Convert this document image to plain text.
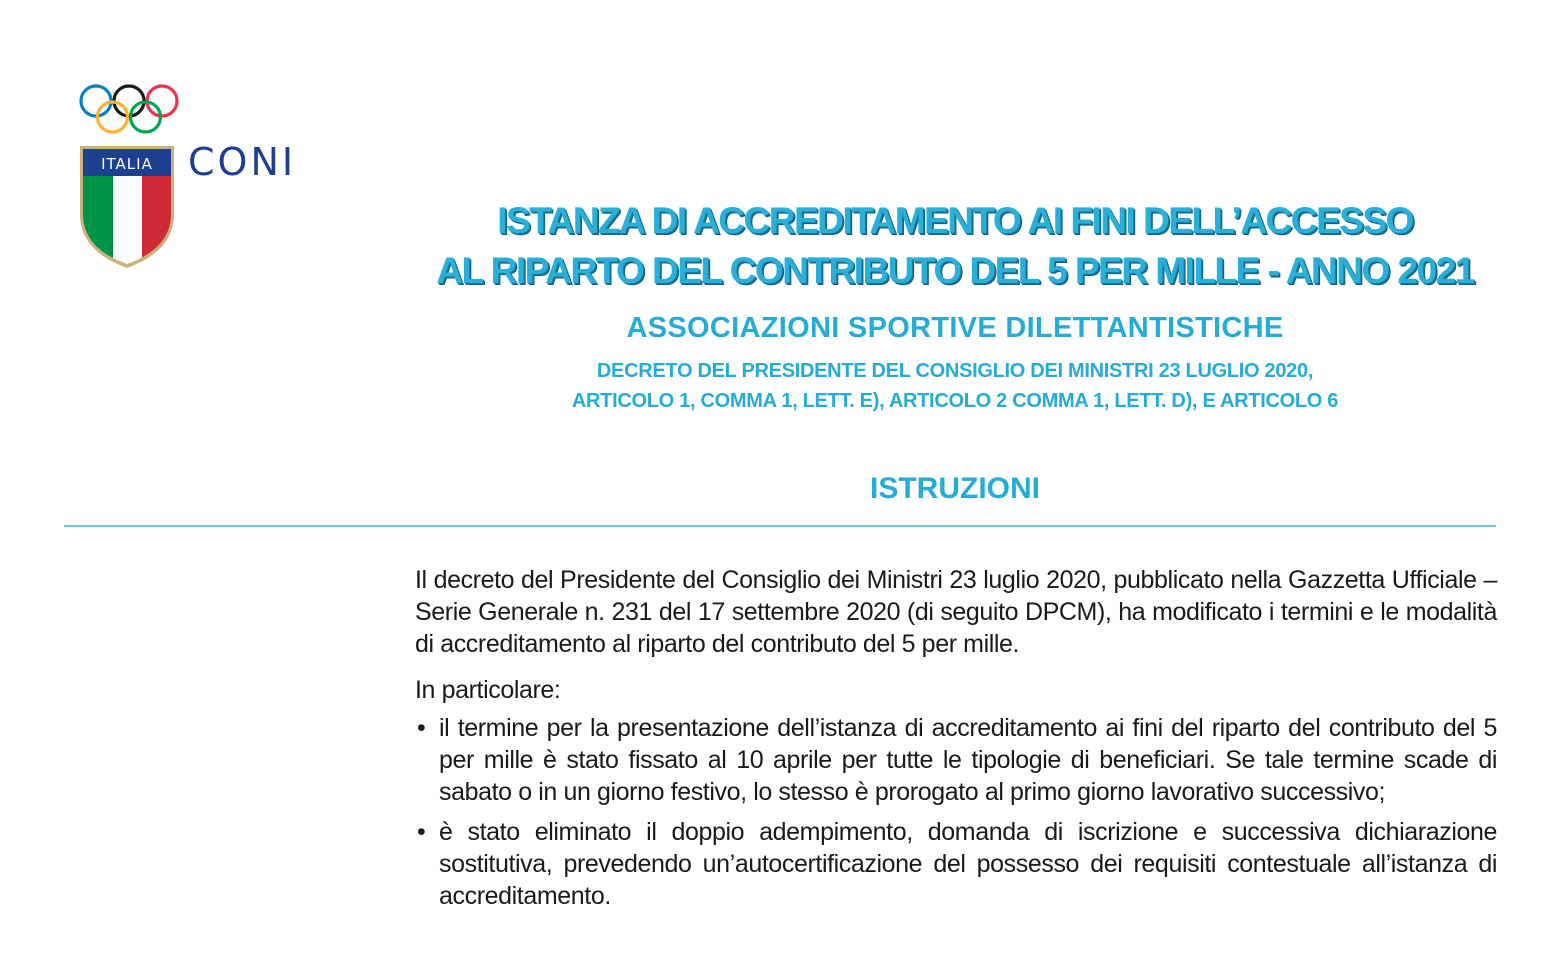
ITALIA CONI
ISTANZA DI ACCREDITAMENTO AI FINI DELL’ACCESSO
AL RIPARTO DEL CONTRIBUTO DEL 5 PER MILLE - ANNO 2021
ASSOCIAZIONI SPORTIVE DILETTANTISTICHE
DECRETO DEL PRESIDENTE DEL CONSIGLIO DEI MINISTRI 23 LUGLIO 2020,
ARTICOLO 1, COMMA 1, LETT. E), ARTICOLO 2 COMMA 1, LETT. D), E ARTICOLO 6
ISTRUZIONI

Il decreto del Presidente del Consiglio dei Ministri 23 luglio 2020, pubblicato nella Gazzetta Ufficiale – Serie Generale n. 231 del 17 settembre 2020 (di seguito DPCM), ha modificato i termini e le modalità di accreditamento al riparto del contributo del 5 per mille.

In particolare:

• il termine per la presentazione dell’istanza di accreditamento ai fini del riparto del contributo del 5 per mille è stato fissato al 10 aprile per tutte le tipologie di beneficiari. Se tale termine scade di sabato o in un giorno festivo, lo stesso è prorogato al primo giorno lavorativo successivo;
• è stato eliminato il doppio adempimento, domanda di iscrizione e successiva dichiarazione sostitutiva, prevedendo un’autocertificazione del possesso dei requisiti contestuale all’istanza di accreditamento.
